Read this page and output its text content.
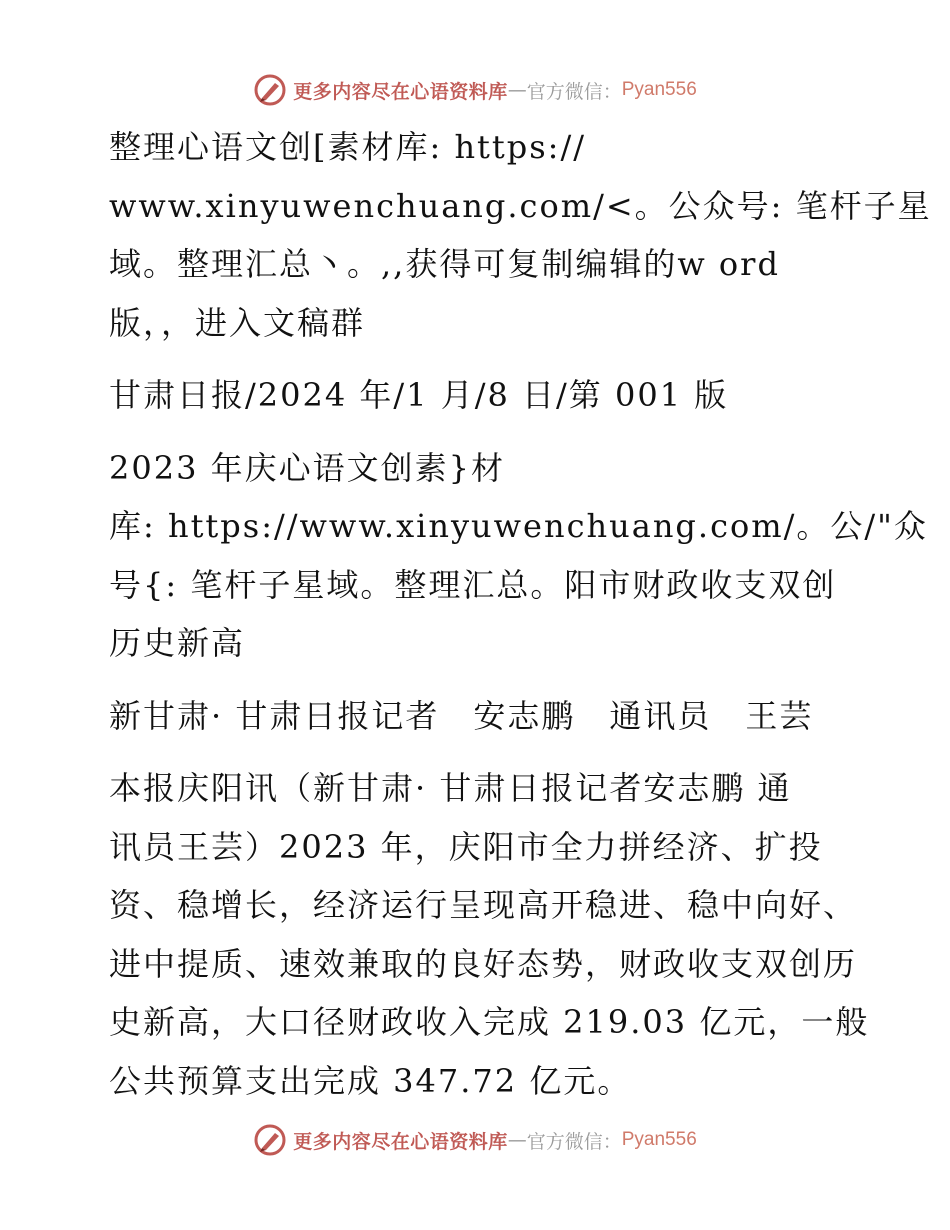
更多内容尽在心语资料库 — 官方微信： Pyan556

整理心语文创[素材库: https://
www.xinyuwenchuang.com/<。公众号: 笔杆子星
域。整理汇总丶。,,获得可复制编辑的w ord
版，，进入文稿群

甘肃日报/2024 年/1 月/8 日/第 001 版

2023 年庆心语文创素}材
库: https://www.xinyuwenchuang.com/。公/"众
号{: 笔杆子星域。整理汇总。阳市财政收支双创
历史新高

新甘肃· 甘肃日报记者　安志鹏　通讯员　王芸

本报庆阳讯（新甘肃· 甘肃日报记者安志鹏 通
讯员王芸）2023 年，庆阳市全力拼经济、扩投
资、稳增长，经济运行呈现高开稳进、稳中向好、
进中提质、速效兼取的良好态势，财政收支双创历
史新高，大口径财政收入完成 219.03 亿元，一般
公共预算支出完成 347.72 亿元。

更多内容尽在心语资料库 — 官方微信： Pyan556
